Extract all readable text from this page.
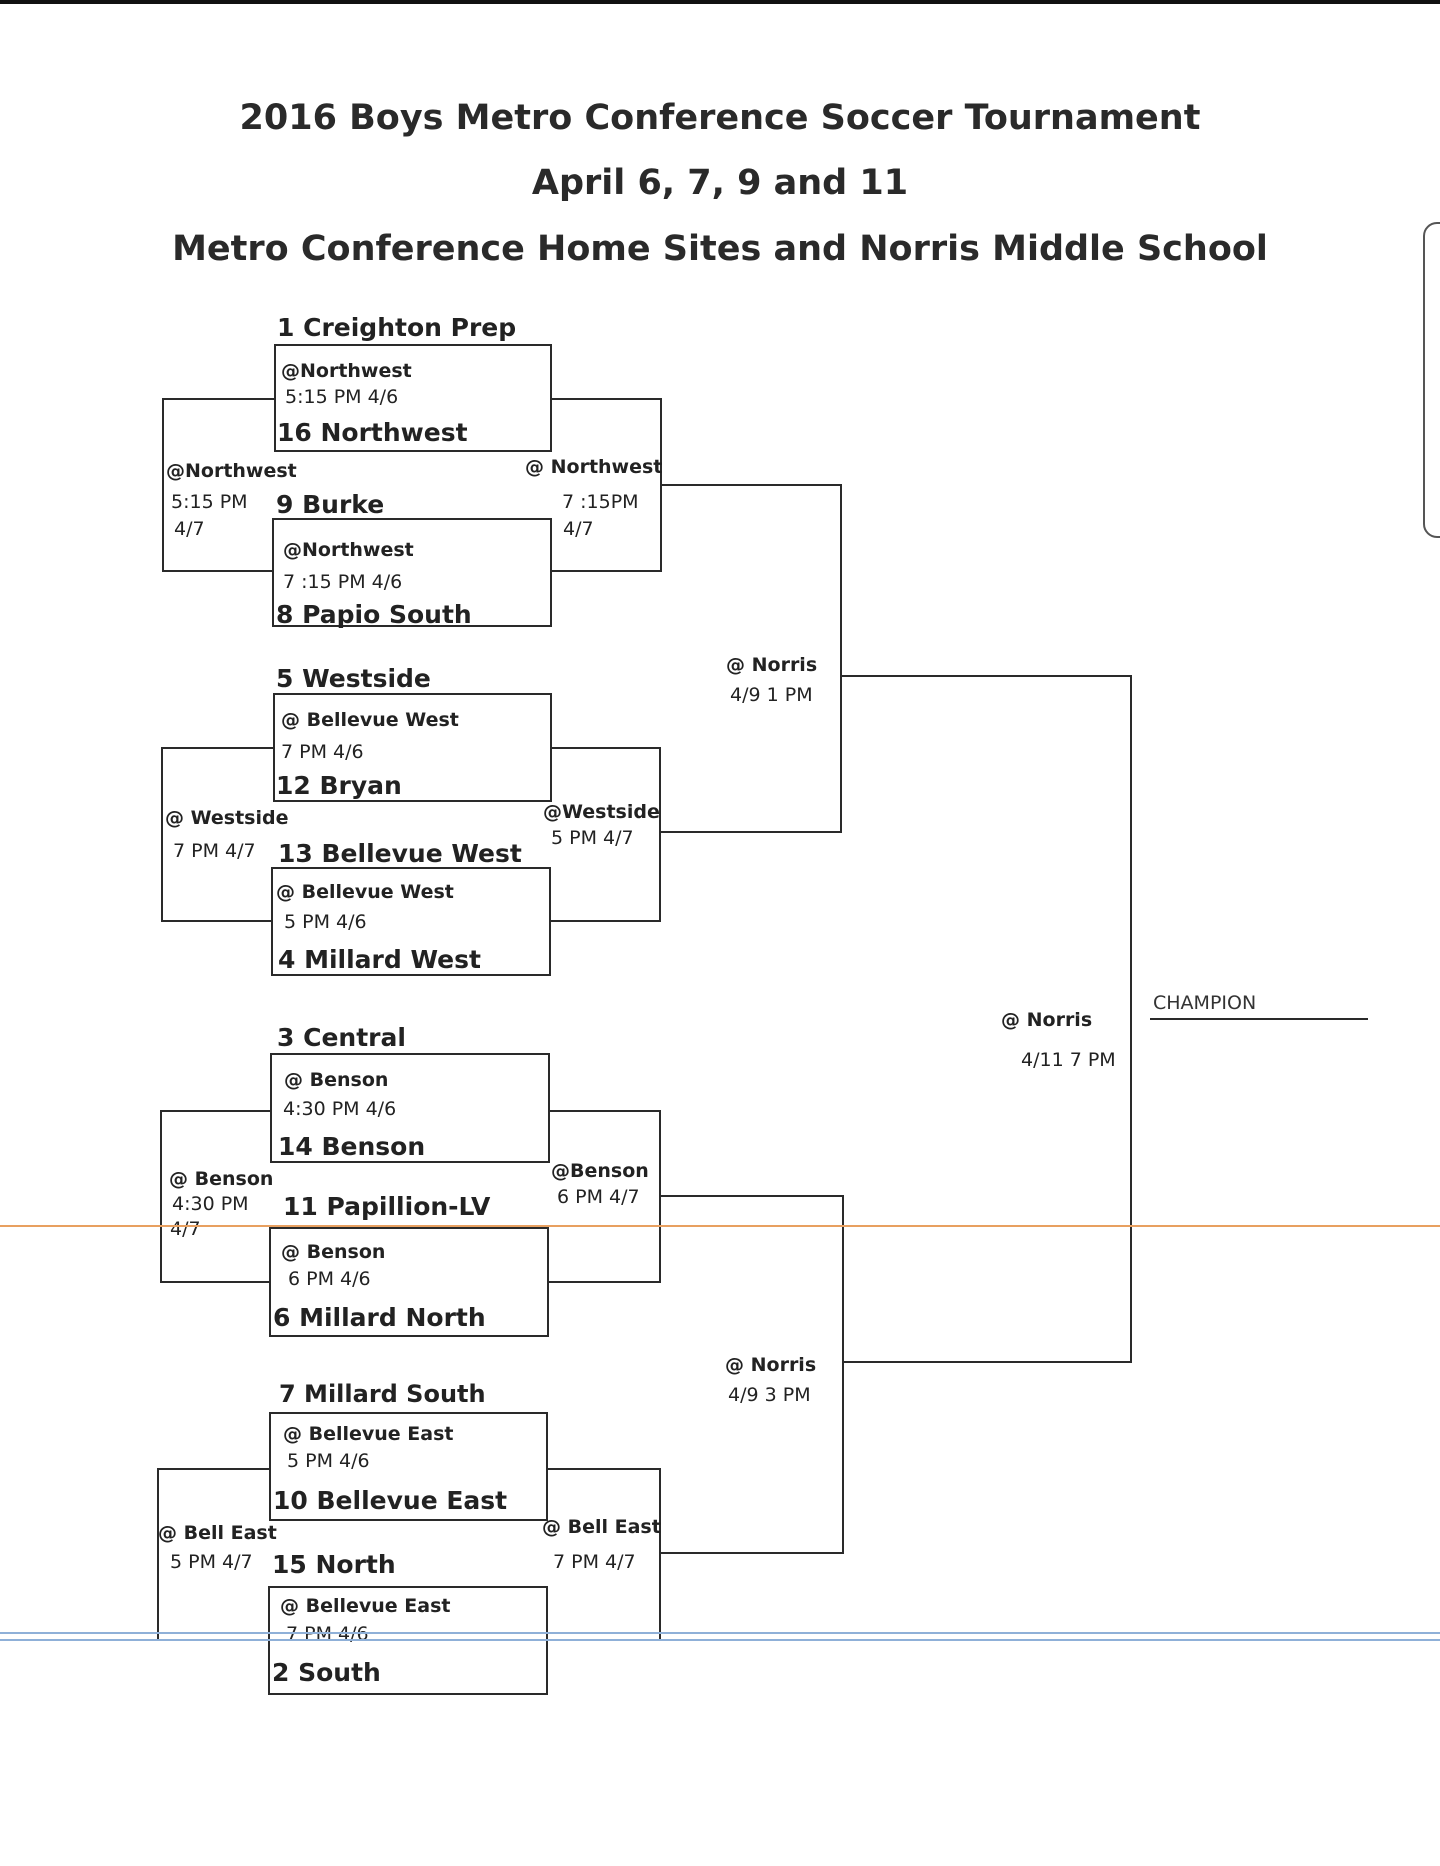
2016 Boys Metro Conference Soccer Tournament
April 6, 7, 9 and 11
Metro Conference Home Sites and Norris Middle School
1 Creighton Prep
@Northwest
5:15 PM 4/6
16 Northwest
9 Burke
@Northwest
7 :15 PM 4/6
8 Papio South
5 Westside
@ Bellevue West
7 PM 4/6
12 Bryan
13 Bellevue West
@ Bellevue West
5 PM 4/6
4 Millard West
3 Central
@ Benson
4:30 PM 4/6
14 Benson
11 Papillion-LV
@ Benson
6 PM 4/6
6 Millard North
7 Millard South
@ Bellevue East
5 PM 4/6
10 Bellevue East
15 North
@ Bellevue East
7 PM 4/6
2 South
@Northwest
5:15 PM
4/7
@ Northwest
7 :15PM
4/7
@ Westside
7 PM 4/7
@Westside
5 PM 4/7
@ Benson
4:30 PM
4/7
@Benson
6 PM 4/7
@ Bell East
5 PM 4/7
@ Bell East
7 PM 4/7
@ Norris
4/9 1 PM
@ Norris
4/9 3 PM
@ Norris
4/11 7 PM
CHAMPION
